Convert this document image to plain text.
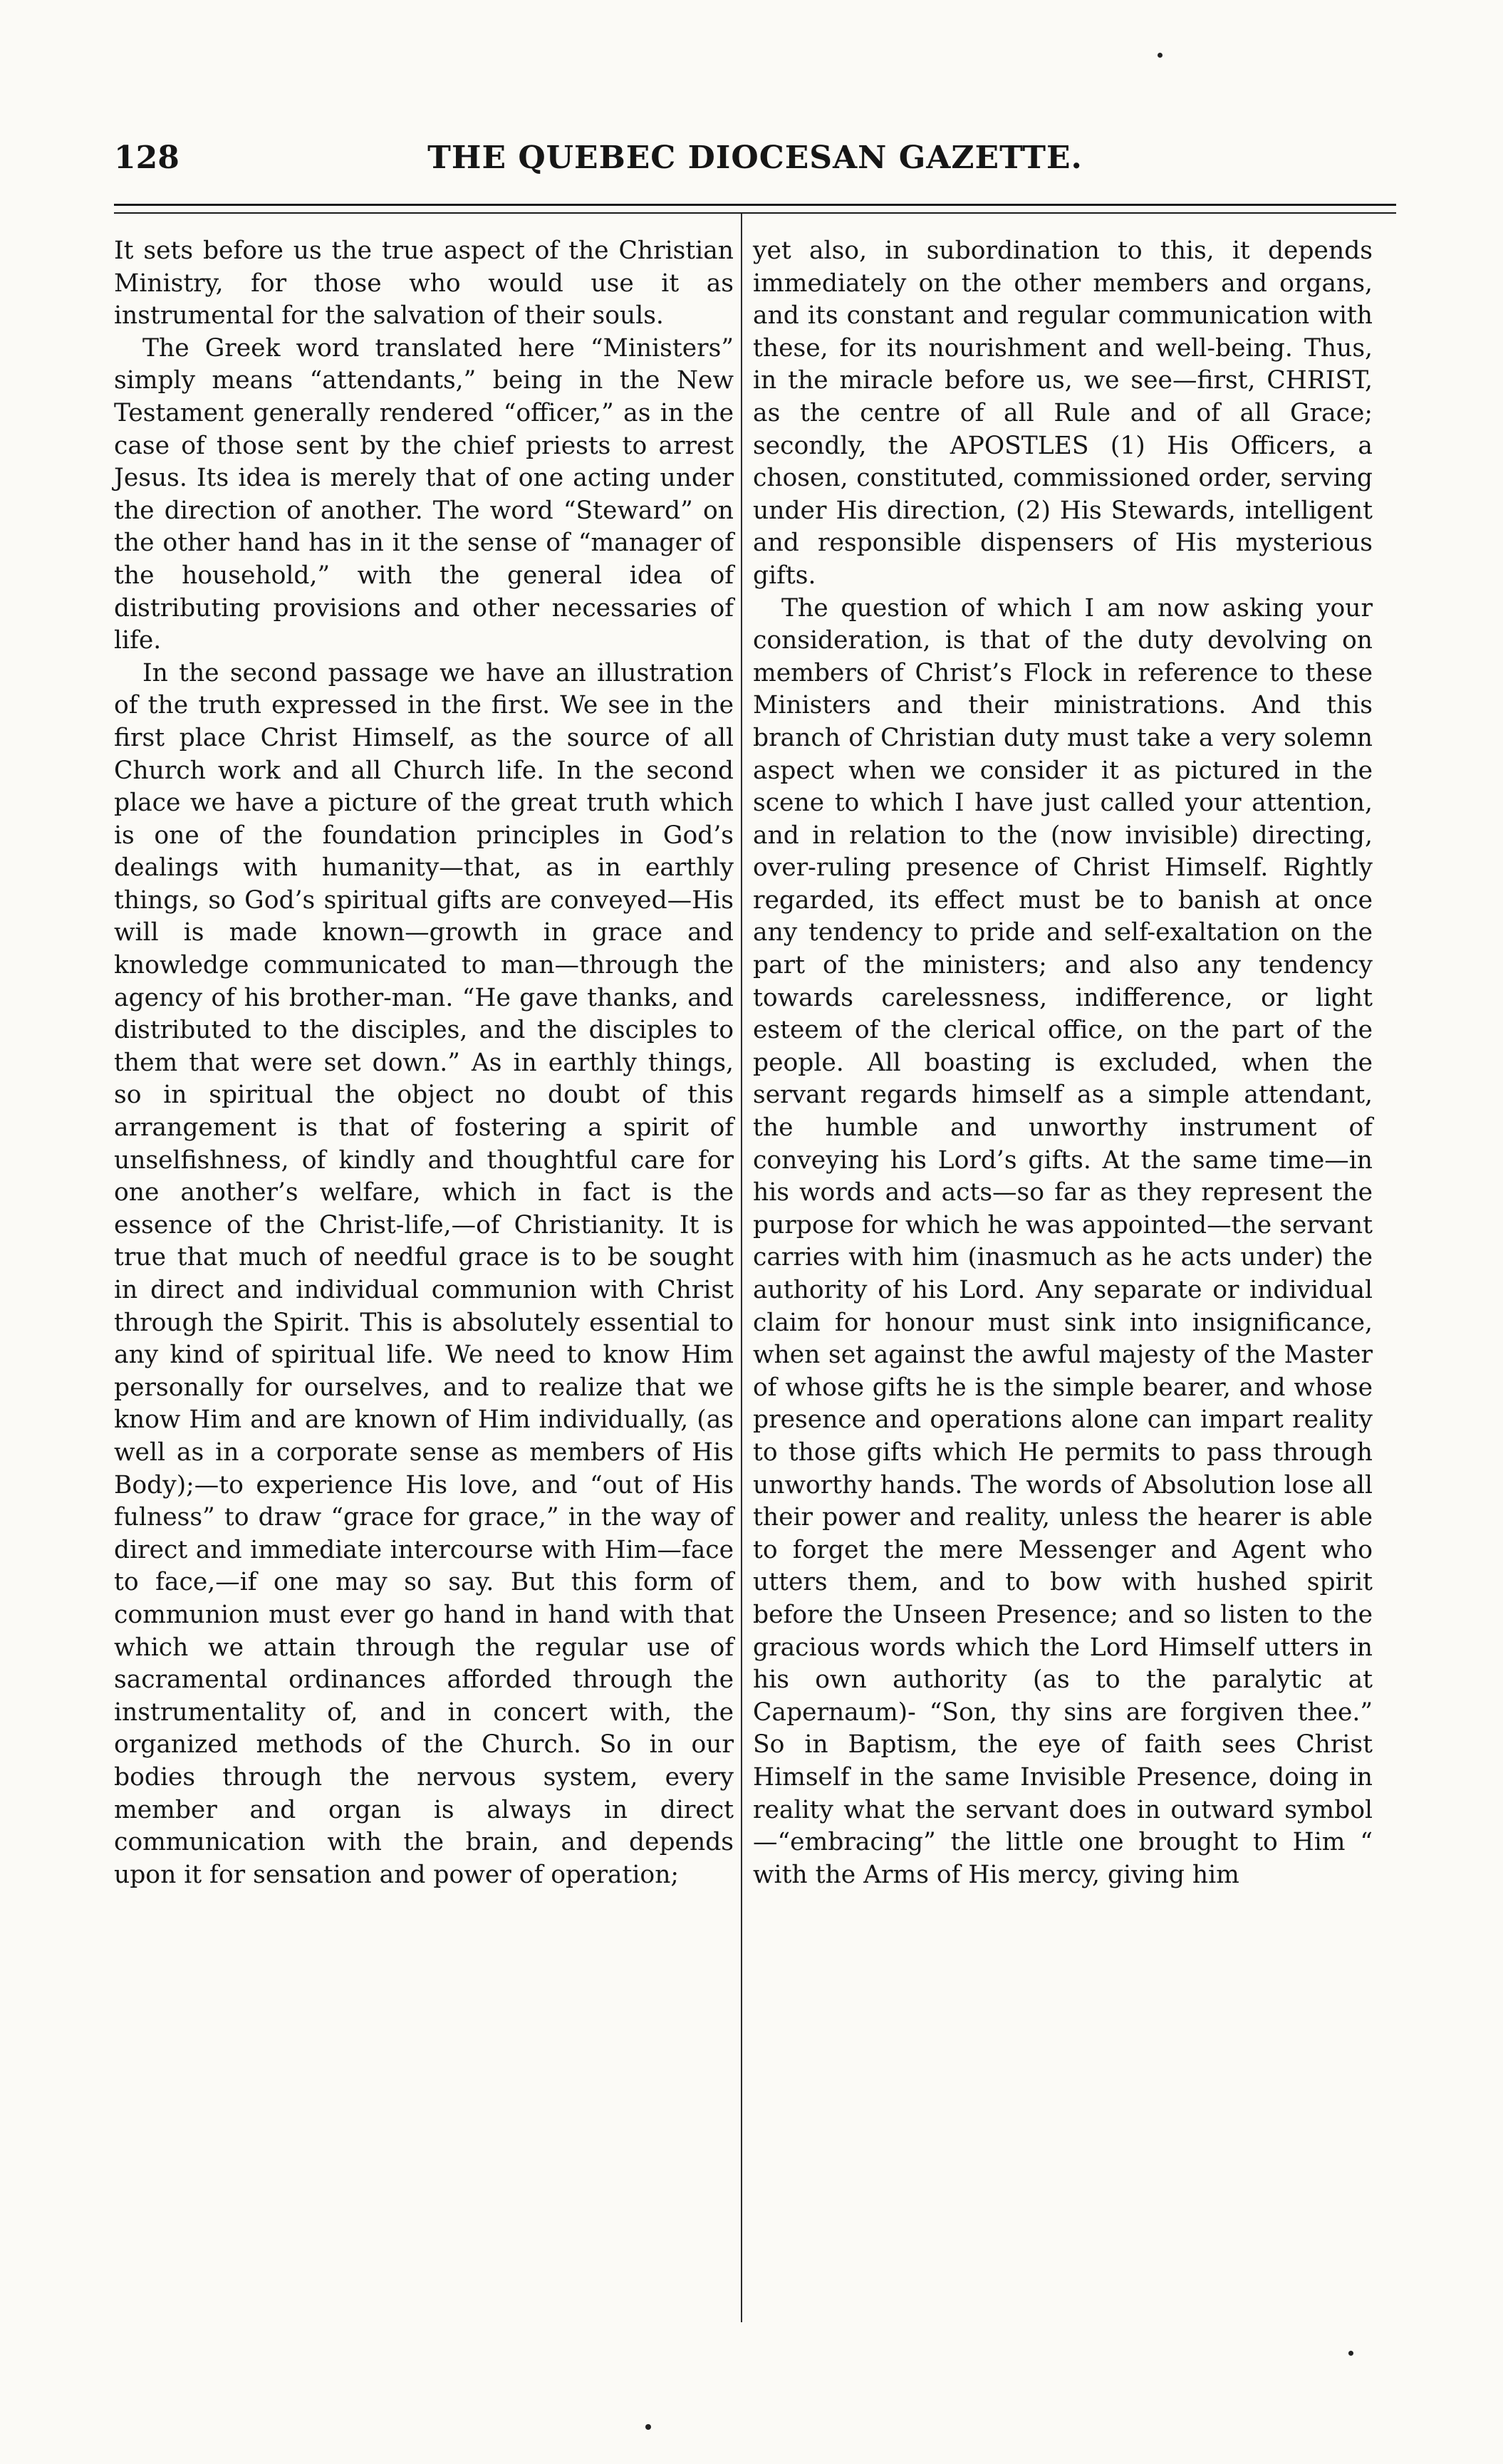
128	THE QUEBEC DIOCESAN GAZETTE.

It sets before us the true aspect of the Christian Ministry, for those who would use it as instrumental for the salvation of their souls.

The Greek word translated here “Ministers” simply means “attendants,” being in the New Testament generally rendered “officer,” as in the case of those sent by the chief priests to arrest Jesus. Its idea is merely that of one acting under the direction of another. The word “Steward” on the other hand has in it the sense of “manager of the household,” with the general idea of distributing provisions and other necessaries of life.

In the second passage we have an illustration of the truth expressed in the first. We see in the first place Christ Himself, as the source of all Church work and all Church life. In the second place we have a picture of the great truth which is one of the foundation principles in God’s dealings with humanity—that, as in earthly things, so God’s spiritual gifts are conveyed—His will is made known—growth in grace and knowledge communicated to man—through the agency of his brother-man. “He gave thanks, and distributed to the disciples, and the disciples to them that were set down.” As in earthly things, so in spiritual the object no doubt of this arrangement is that of fostering a spirit of unselfishness, of kindly and thoughtful care for one another’s welfare, which in fact is the essence of the Christ-life,—of Christianity. It is true that much of needful grace is to be sought in direct and individual communion with Christ through the Spirit. This is absolutely essential to any kind of spiritual life. We need to know Him personally for ourselves, and to realize that we know Him and are known of Him individually, (as well as in a corporate sense as members of His Body);—to experience His love, and “out of His fulness” to draw “grace for grace,” in the way of direct and immediate intercourse with Him—face to face,—if one may so say. But this form of communion must ever go hand in hand with that which we attain through the regular use of sacramental ordinances afforded through the instrumentality of, and in concert with, the organized methods of the Church. So in our bodies through the nervous system, every member and organ is always in direct communication with the brain, and depends upon it for sensation and power of operation;

yet also, in subordination to this, it depends immediately on the other members and organs, and its constant and regular communication with these, for its nourishment and well-being. Thus, in the miracle before us, we see—first, CHRIST, as the centre of all Rule and of all Grace; secondly, the APOSTLES (1) His Officers, a chosen, constituted, commissioned order, serving under His direction, (2) His Stewards, intelligent and responsible dispensers of His mysterious gifts.

The question of which I am now asking your consideration, is that of the duty devolving on members of Christ’s Flock in reference to these Ministers and their ministrations. And this branch of Christian duty must take a very solemn aspect when we consider it as pictured in the scene to which I have just called your attention, and in relation to the (now invisible) directing, over-ruling presence of Christ Himself. Rightly regarded, its effect must be to banish at once any tendency to pride and self-exaltation on the part of the ministers; and also any tendency towards carelessness, indifference, or light esteem of the clerical office, on the part of the people. All boasting is excluded, when the servant regards himself as a simple attendant, the humble and unworthy instrument of conveying his Lord’s gifts. At the same time—in his words and acts—so far as they represent the purpose for which he was appointed—the servant carries with him (inasmuch as he acts under) the authority of his Lord. Any separate or individual claim for honour must sink into insignificance, when set against the awful majesty of the Master of whose gifts he is the simple bearer, and whose presence and operations alone can impart reality to those gifts which He permits to pass through unworthy hands. The words of Absolution lose all their power and reality, unless the hearer is able to forget the mere Messenger and Agent who utters them, and to bow with hushed spirit before the Unseen Presence; and so listen to the gracious words which the Lord Himself utters in his own authority (as to the paralytic at Capernaum)- “Son, thy sins are forgiven thee.” So in Baptism, the eye of faith sees Christ Himself in the same Invisible Presence, doing in reality what the servant does in outward symbol—“embracing” the little one brought to Him “ with the Arms of His mercy, giving him
